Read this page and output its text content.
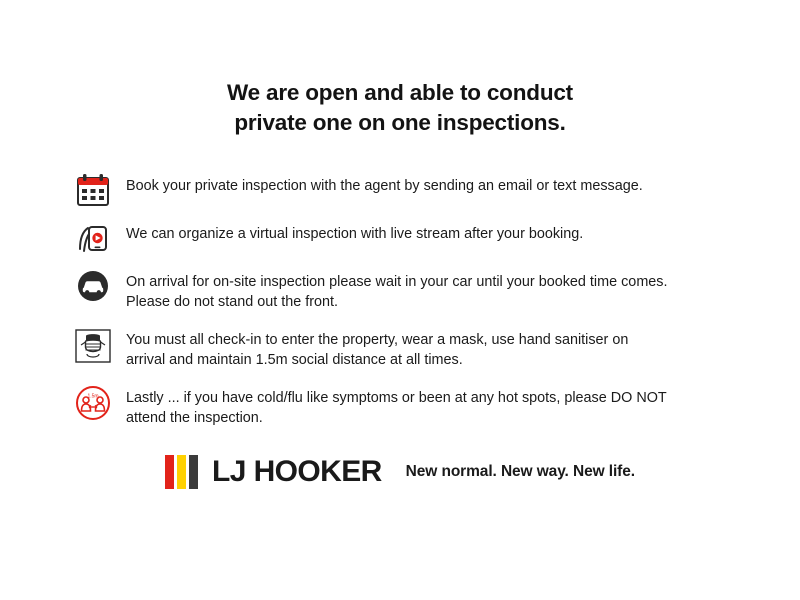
We are open and able to conduct
private one on one inspections.
Book your private inspection with the agent by sending an email or text message.
We can organize a virtual inspection with live stream after your booking.
On arrival for on-site inspection please wait in your car until your booked time comes.
Please do not stand out the front.
You must all check-in to enter the property, wear a mask, use hand sanitiser on
arrival and maintain 1.5m social distance at all times.
1.5m	Lastly ... if you have cold/flu like symptoms or been at any hot spots, please DO NOT
attend the inspection.
LJ HOOKER New normal. New way. New life.
